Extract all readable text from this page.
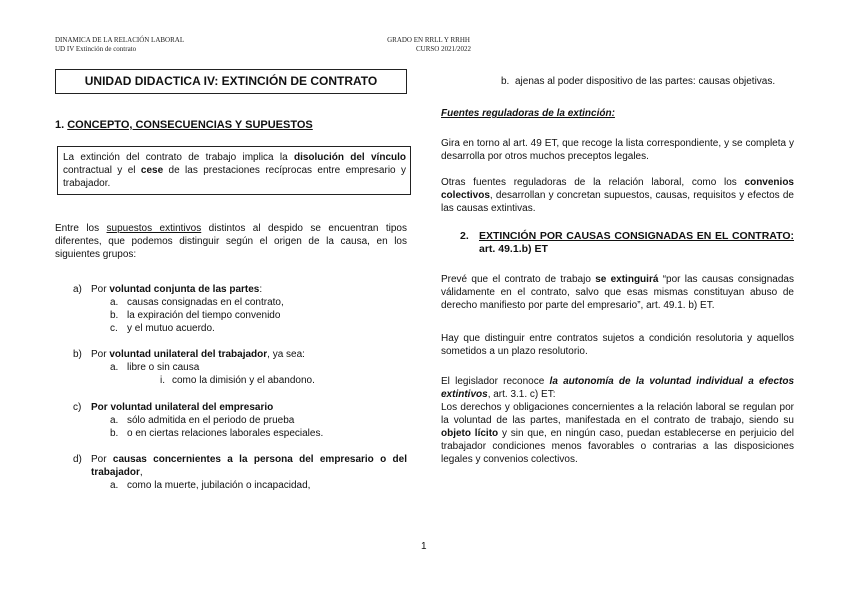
DINAMICA DE LA RELACIÓN LABORAL
UD IV Extinción de contrato
GRADO EN RRLL Y RRHH
CURSO 2021/2022
UNIDAD DIDACTICA IV: EXTINCIÓN DE CONTRATO
1. CONCEPTO, CONSECUENCIAS Y SUPUESTOS
La extinción del contrato de trabajo implica la disolución del vínculo contractual y el cese de las prestaciones recíprocas entre empresario y trabajador.

Entre los supuestos extintivos distintos al despido se encuentran tipos diferentes, que podemos distinguir según el origen de la causa, en los siguientes grupos:

a) Por voluntad conjunta de las partes:
a. causas consignadas en el contrato,
b. la expiración del tiempo convenido
c. y el mutuo acuerdo.
b) Por voluntad unilateral del trabajador, ya sea:
a. libre o sin causa
i. como la dimisión y el abandono.
c) Por voluntad unilateral del empresario
a. sólo admitida en el periodo de prueba
b. o en ciertas relaciones laborales especiales.
d) Por causas concernientes a la persona del empresario o del trabajador,
a. como la muerte, jubilación o incapacidad,
b. ajenas al poder dispositivo de las partes: causas objetivas.
Fuentes reguladoras de la extinción:

Gira en torno al art. 49 ET, que recoge la lista correspondiente, y se completa y desarrolla por otros muchos preceptos legales.

Otras fuentes reguladoras de la relación laboral, como los convenios colectivos, desarrollan y concretan supuestos, causas, requisitos y efectos de las causas extintivas.

2. EXTINCIÓN POR CAUSAS CONSIGNADAS EN EL CONTRATO: art. 49.1.b) ET

Prevé que el contrato de trabajo se extinguirá “por las causas consignadas válidamente en el contrato, salvo que esas mismas constituyan abuso de derecho manifiesto por parte del empresario”, art. 49.1. b) ET.

Hay que distinguir entre contratos sujetos a condición resolutoria y aquellos sometidos a un plazo resolutorio.

El legislador reconoce la autonomía de la voluntad individual a efectos extintivos, art. 3.1. c) ET:

Los derechos y obligaciones concernientes a la relación laboral se regulan por la voluntad de las partes, manifestada en el contrato de trabajo, siendo su objeto lícito y sin que, en ningún caso, puedan establecerse en perjuicio del trabajador condiciones menos favorables o contrarias a las disposiciones legales y convenios colectivos.

1
